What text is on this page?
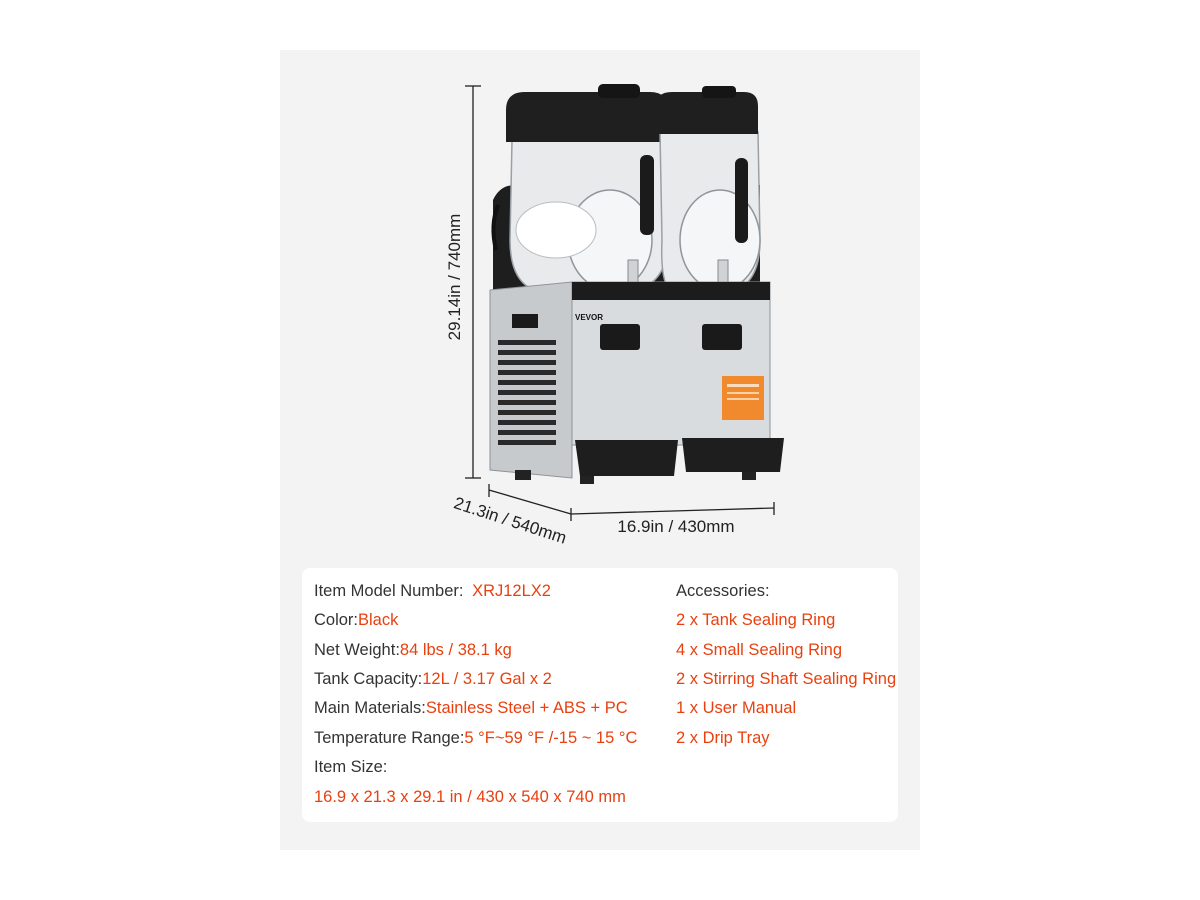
VEVOR
29.14in / 740mm
21.3in / 540mm	16.9in / 430mm
Item Model Number: XRJ12LX2
Color:Black
Net Weight:84 lbs / 38.1 kg
Tank Capacity:12L / 3.17 Gal x 2
Main Materials:Stainless Steel + ABS + PC
Temperature Range:5 °F~59 °F /-15 ~ 15 °C
Item Size:
16.9 x 21.3 x 29.1 in / 430 x 540 x 740 mm
Accessories:
2 x Tank Sealing Ring
4 x Small Sealing Ring
2 x Stirring Shaft Sealing Ring
1 x User Manual
2 x Drip Tray
